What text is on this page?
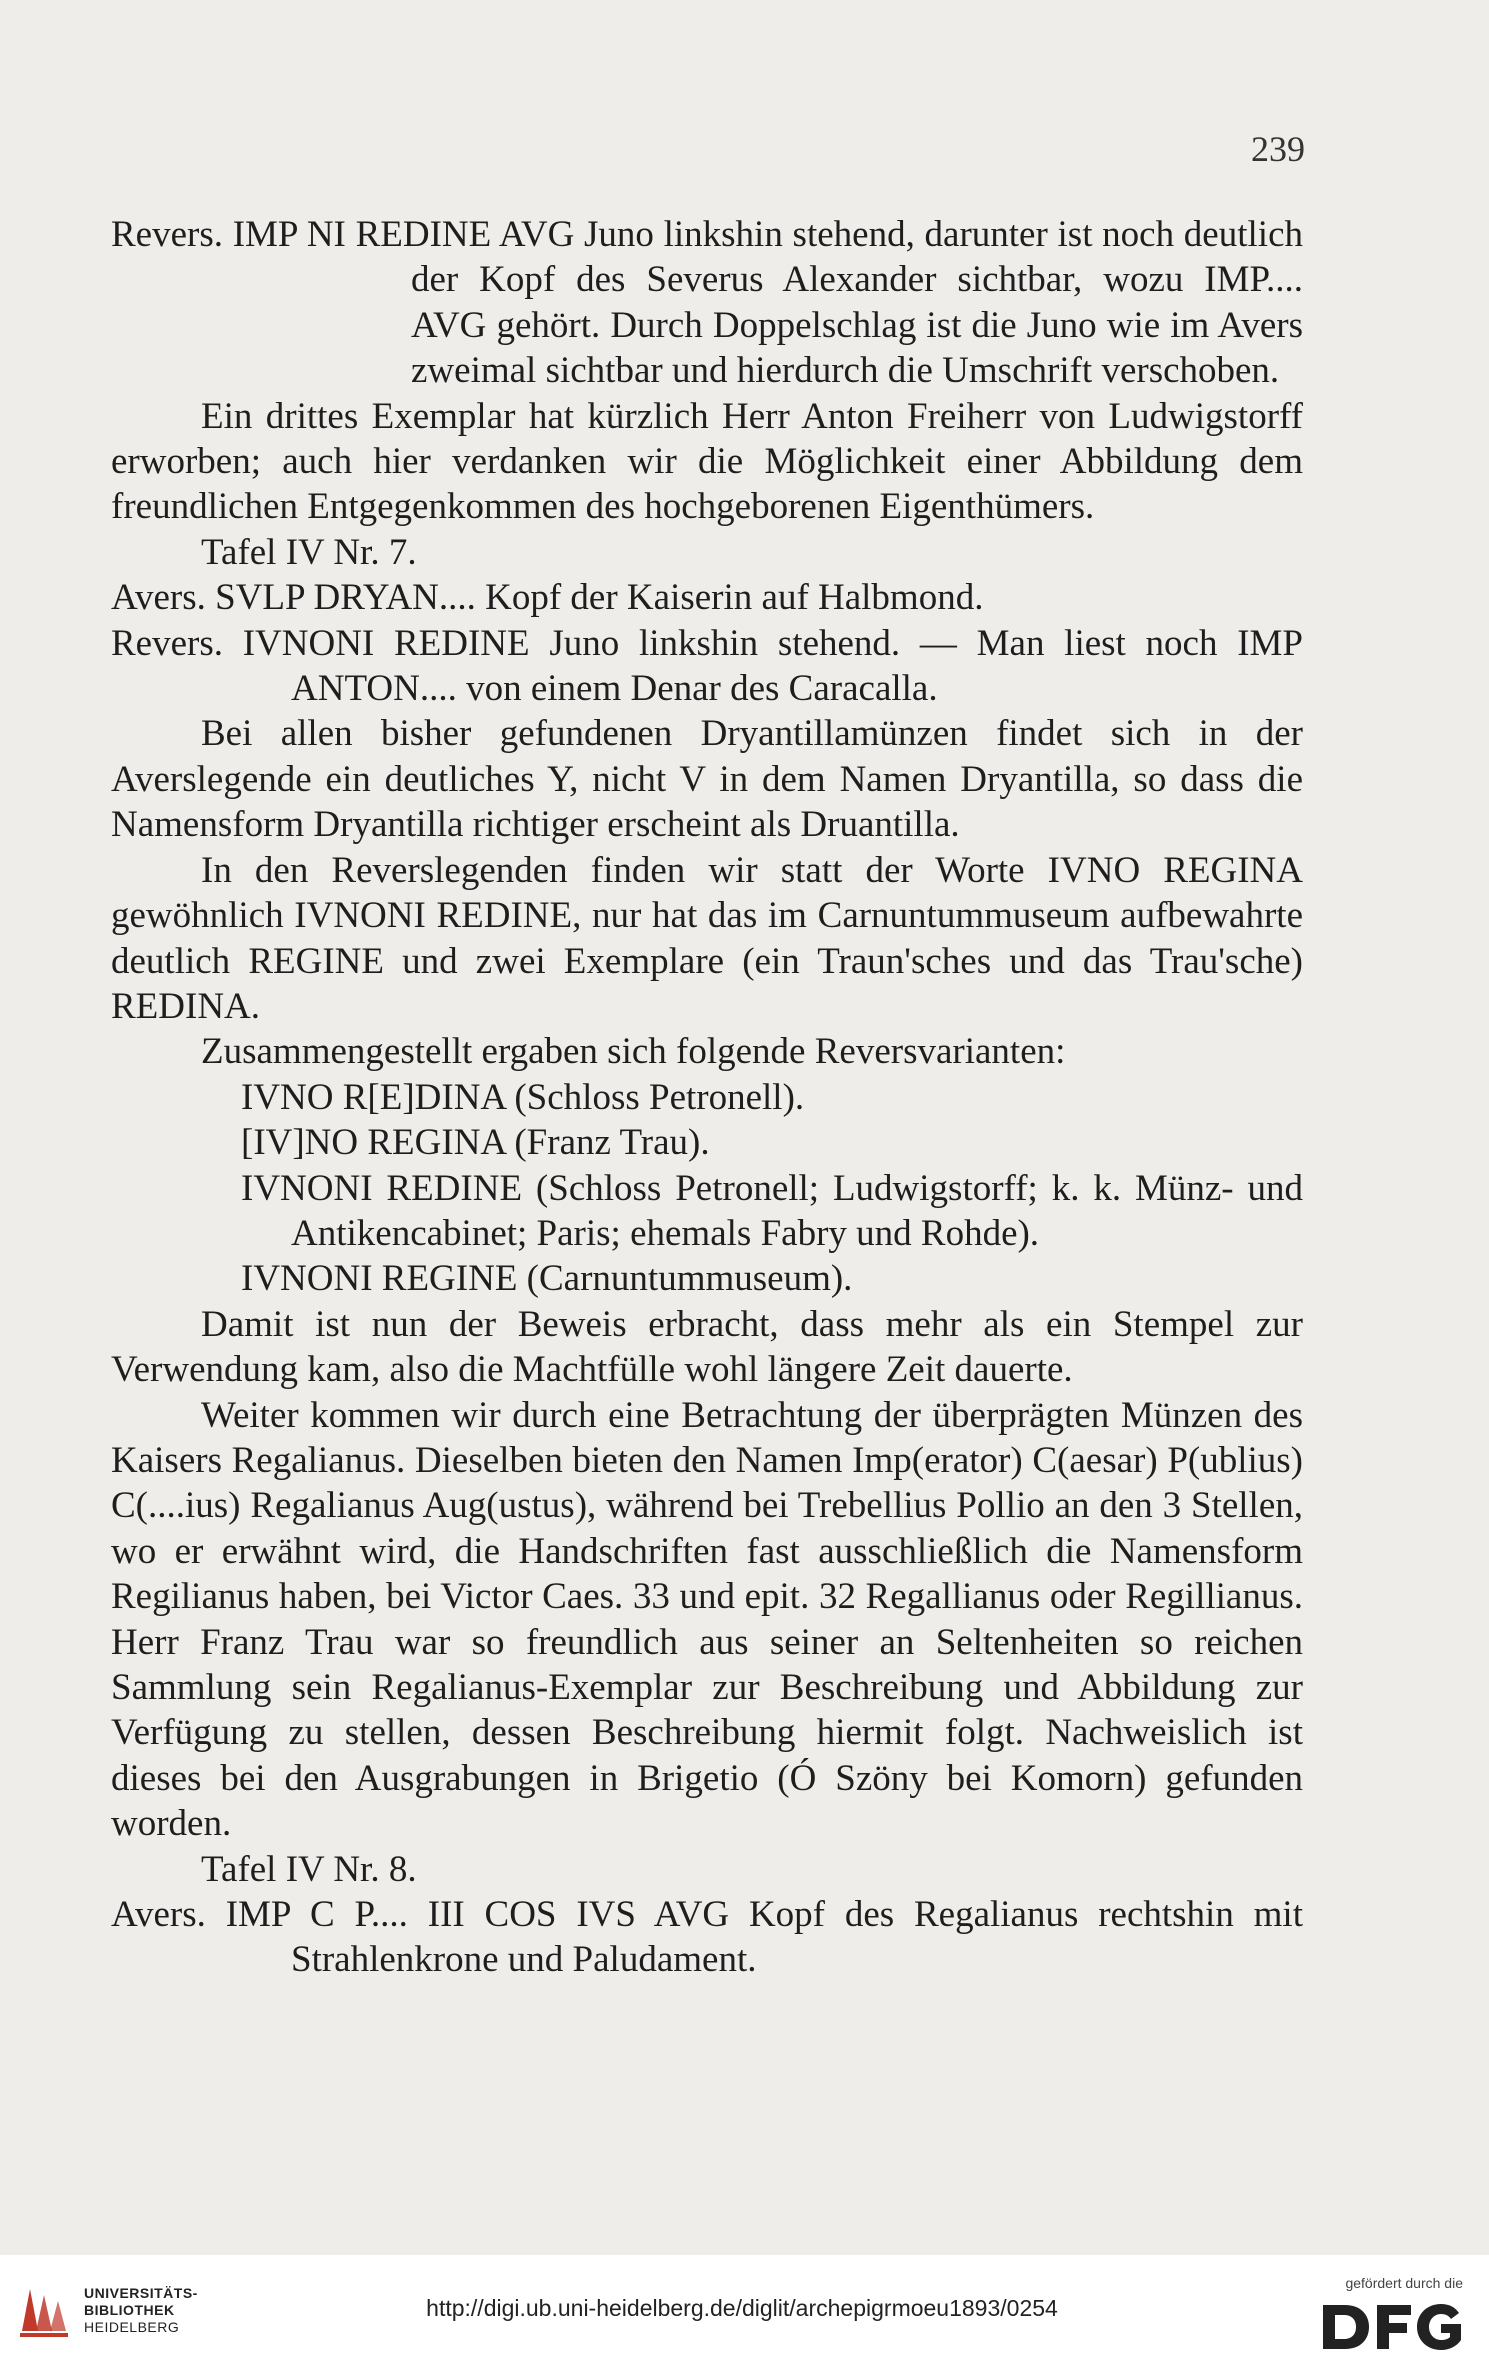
239

Revers. IMP NI REDINE AVG Juno linkshin stehend, darunter ist noch deutlich der Kopf des Severus Alexander sichtbar, wozu IMP.... AVG gehört. Durch Doppelschlag ist die Juno wie im Avers zweimal sichtbar und hierdurch die Umschrift verschoben.

Ein drittes Exemplar hat kürzlich Herr Anton Freiherr von Ludwigstorff erworben; auch hier verdanken wir die Möglichkeit einer Abbildung dem freundlichen Entgegenkommen des hochgeborenen Eigenthümers.

Tafel IV Nr. 7.

Avers. SVLP DRYAN.... Kopf der Kaiserin auf Halbmond.

Revers. IVNONI REDINE Juno linkshin stehend. — Man liest noch IMP ANTON.... von einem Denar des Caracalla.

Bei allen bisher gefundenen Dryantillamünzen findet sich in der Averslegende ein deutliches Y, nicht V in dem Namen Dryantilla, so dass die Namensform Dryantilla richtiger erscheint als Druantilla.

In den Reverslegenden finden wir statt der Worte IVNO REGINA gewöhnlich IVNONI REDINE, nur hat das im Carnuntummuseum aufbewahrte deutlich REGINE und zwei Exemplare (ein Traun'sches und das Trau'sche) REDINA.

Zusammengestellt ergaben sich folgende Reversvarianten:

IVNO R[E]DINA (Schloss Petronell).

[IV]NO REGINA (Franz Trau).

IVNONI REDINE (Schloss Petronell; Ludwigstorff; k. k. Münz- und Antikencabinet; Paris; ehemals Fabry und Rohde).

IVNONI REGINE (Carnuntummuseum).

Damit ist nun der Beweis erbracht, dass mehr als ein Stempel zur Verwendung kam, also die Machtfülle wohl längere Zeit dauerte.

Weiter kommen wir durch eine Betrachtung der überprägten Münzen des Kaisers Regalianus. Dieselben bieten den Namen Imp(erator) C(aesar) P(ublius) C(....ius) Regalianus Aug(ustus), während bei Trebellius Pollio an den 3 Stellen, wo er erwähnt wird, die Handschriften fast ausschließlich die Namensform Regilianus haben, bei Victor Caes. 33 und epit. 32 Regallianus oder Regillianus. Herr Franz Trau war so freundlich aus seiner an Seltenheiten so reichen Sammlung sein Regalianus-Exemplar zur Beschreibung und Abbildung zur Verfügung zu stellen, dessen Beschreibung hiermit folgt. Nachweislich ist dieses bei den Ausgrabungen in Brigetio (Ó Szöny bei Komorn) gefunden worden.

Tafel IV Nr. 8.

Avers. IMP C P.... III COS IVS AVG Kopf des Regalianus rechtshin mit Strahlenkrone und Paludament.

UNIVERSITÄTS-
BIBLIOTHEK
HEIDELBERG
http://digi.ub.uni-heidelberg.de/diglit/archepigrmoeu1893/0254
gefördert durch die
